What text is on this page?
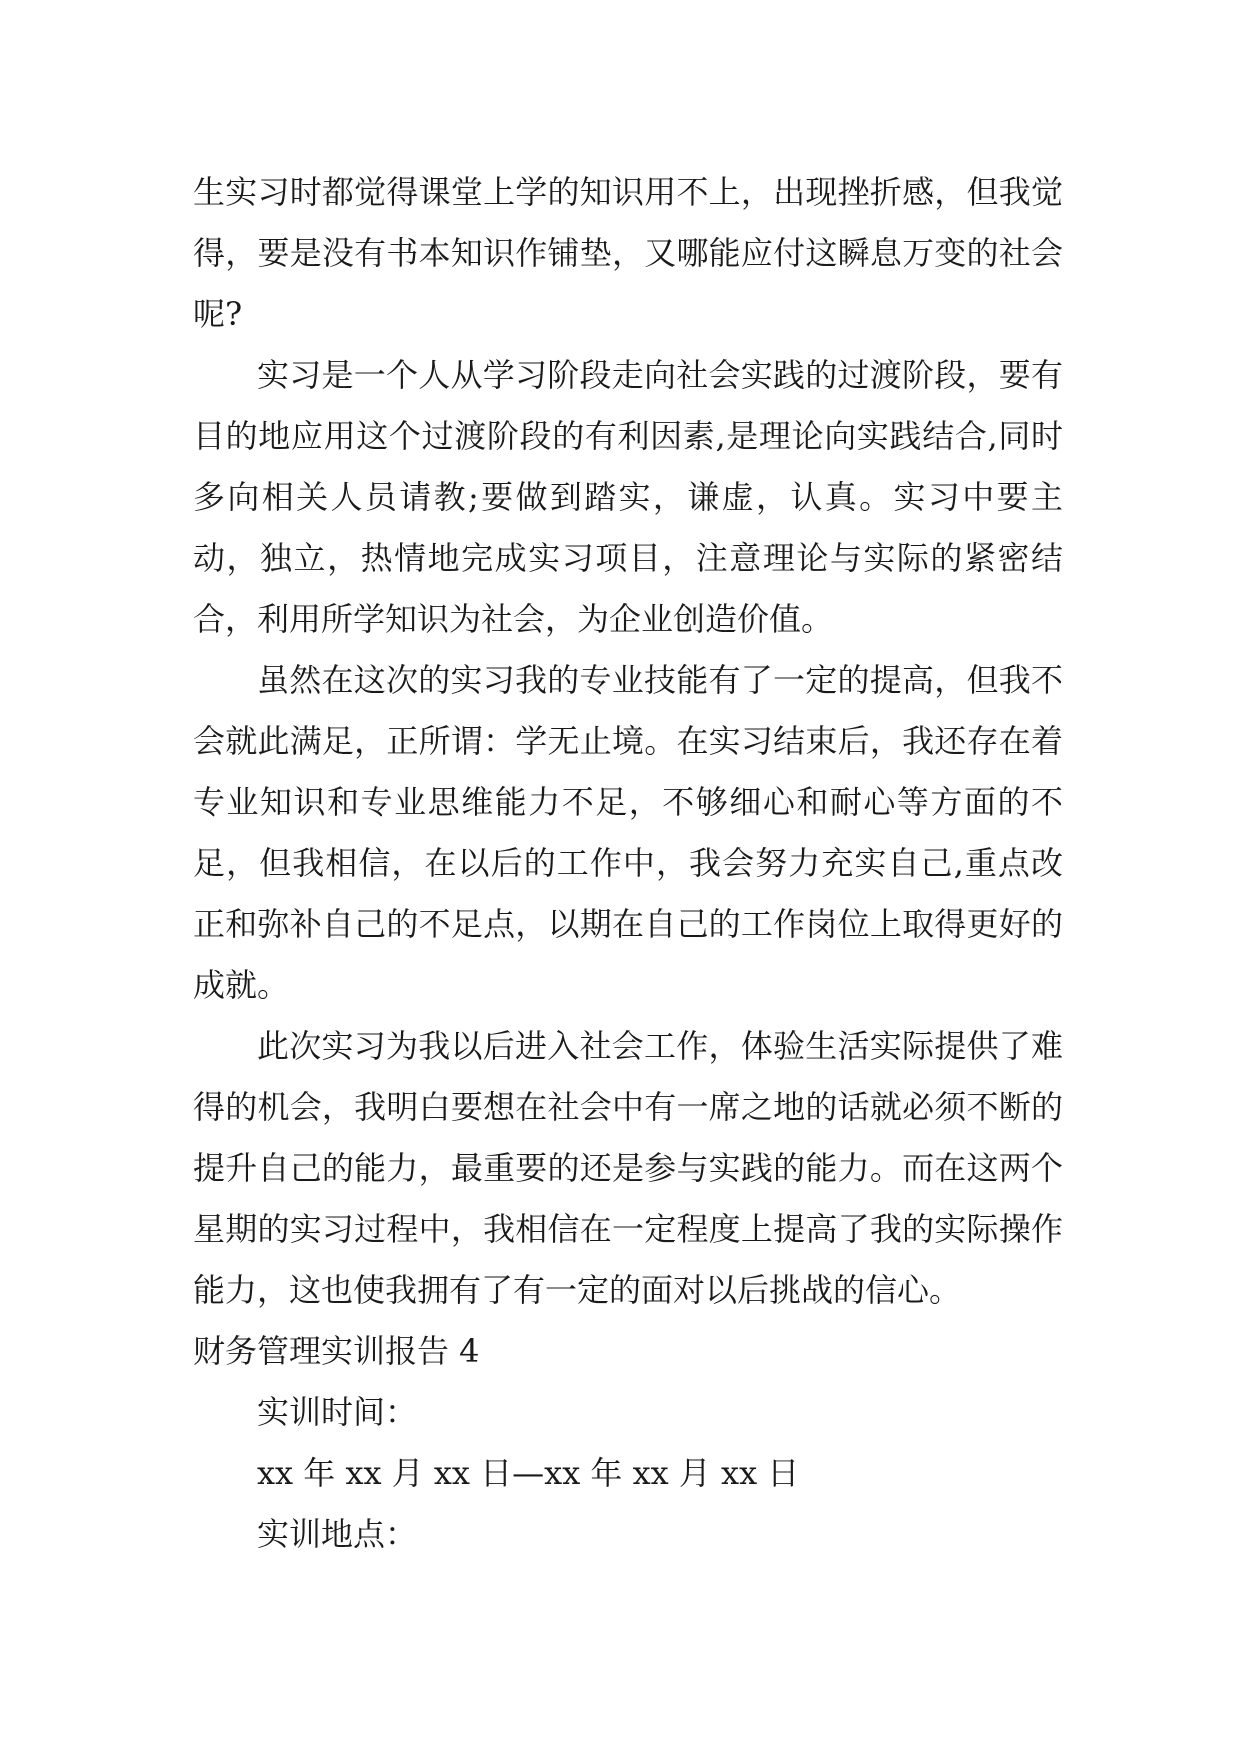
生实习时都觉得课堂上学的知识用不上，出现挫折感，但我觉得，要是没有书本知识作铺垫，又哪能应付这瞬息万变的社会呢?

实习是一个人从学习阶段走向社会实践的过渡阶段，要有目的地应用这个过渡阶段的有利因素,是理论向实践结合,同时多向相关人员请教;要做到踏实，谦虚，认真。实习中要主动，独立，热情地完成实习项目，注意理论与实际的紧密结合，利用所学知识为社会，为企业创造价值。

虽然在这次的实习我的专业技能有了一定的提高，但我不会就此满足，正所谓：学无止境。在实习结束后，我还存在着专业知识和专业思维能力不足，不够细心和耐心等方面的不足，但我相信，在以后的工作中，我会努力充实自己,重点改正和弥补自己的不足点，以期在自己的工作岗位上取得更好的成就。

此次实习为我以后进入社会工作，体验生活实际提供了难得的机会，我明白要想在社会中有一席之地的话就必须不断的提升自己的能力，最重要的还是参与实践的能力。而在这两个星期的实习过程中，我相信在一定程度上提高了我的实际操作能力，这也使我拥有了有一定的面对以后挑战的信心。

财务管理实训报告 4

实训时间：

xx 年 xx 月 xx 日—xx 年 xx 月 xx 日

实训地点：
